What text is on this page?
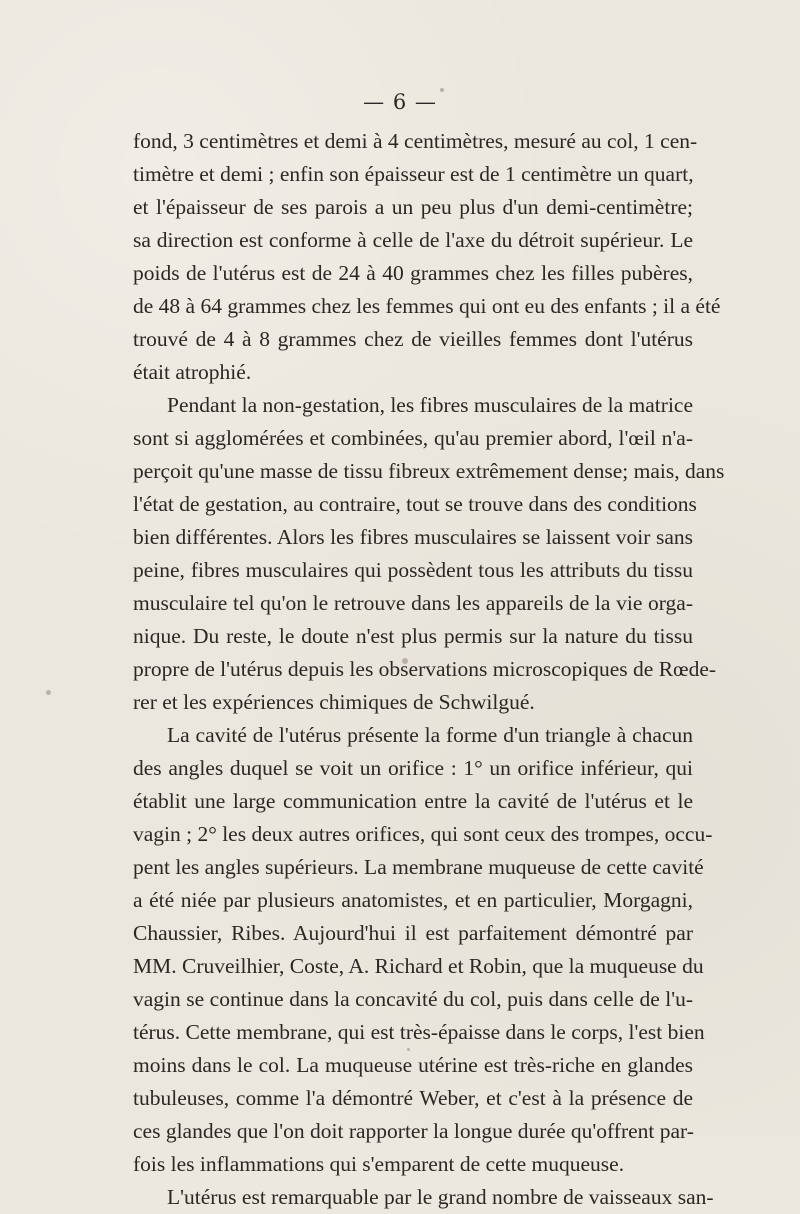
— 6 —
fond, 3 centimètres et demi à 4 centimètres, mesuré au col, 1 cen-
timètre et demi ; enfin son épaisseur est de 1 centimètre un quart,
et l'épaisseur de ses parois a un peu plus d'un demi-centimètre;
sa direction est conforme à celle de l'axe du détroit supérieur. Le
poids de l'utérus est de 24 à 40 grammes chez les filles pubères,
de 48 à 64 grammes chez les femmes qui ont eu des enfants ; il a été
trouvé de 4 à 8 grammes chez de vieilles femmes dont l'utérus
était atrophié.
Pendant la non-gestation, les fibres musculaires de la matrice
sont si agglomérées et combinées, qu'au premier abord, l'œil n'a-
perçoit qu'une masse de tissu fibreux extrêmement dense; mais, dans
l'état de gestation, au contraire, tout se trouve dans des conditions
bien différentes. Alors les fibres musculaires se laissent voir sans
peine, fibres musculaires qui possèdent tous les attributs du tissu
musculaire tel qu'on le retrouve dans les appareils de la vie orga-
nique. Du reste, le doute n'est plus permis sur la nature du tissu
propre de l'utérus depuis les observations microscopiques de Rœde-
rer et les expériences chimiques de Schwilgué.
La cavité de l'utérus présente la forme d'un triangle à chacun
des angles duquel se voit un orifice : 1° un orifice inférieur, qui
établit une large communication entre la cavité de l'utérus et le
vagin ; 2° les deux autres orifices, qui sont ceux des trompes, occu-
pent les angles supérieurs. La membrane muqueuse de cette cavité
a été niée par plusieurs anatomistes, et en particulier, Morgagni,
Chaussier, Ribes. Aujourd'hui il est parfaitement démontré par
MM. Cruveilhier, Coste, A. Richard et Robin, que la muqueuse du
vagin se continue dans la concavité du col, puis dans celle de l'u-
térus. Cette membrane, qui est très-épaisse dans le corps, l'est bien
moins dans le col. La muqueuse utérine est très-riche en glandes
tubuleuses, comme l'a démontré Weber, et c'est à la présence de
ces glandes que l'on doit rapporter la longue durée qu'offrent par-
fois les inflammations qui s'emparent de cette muqueuse.
L'utérus est remarquable par le grand nombre de vaisseaux san-
